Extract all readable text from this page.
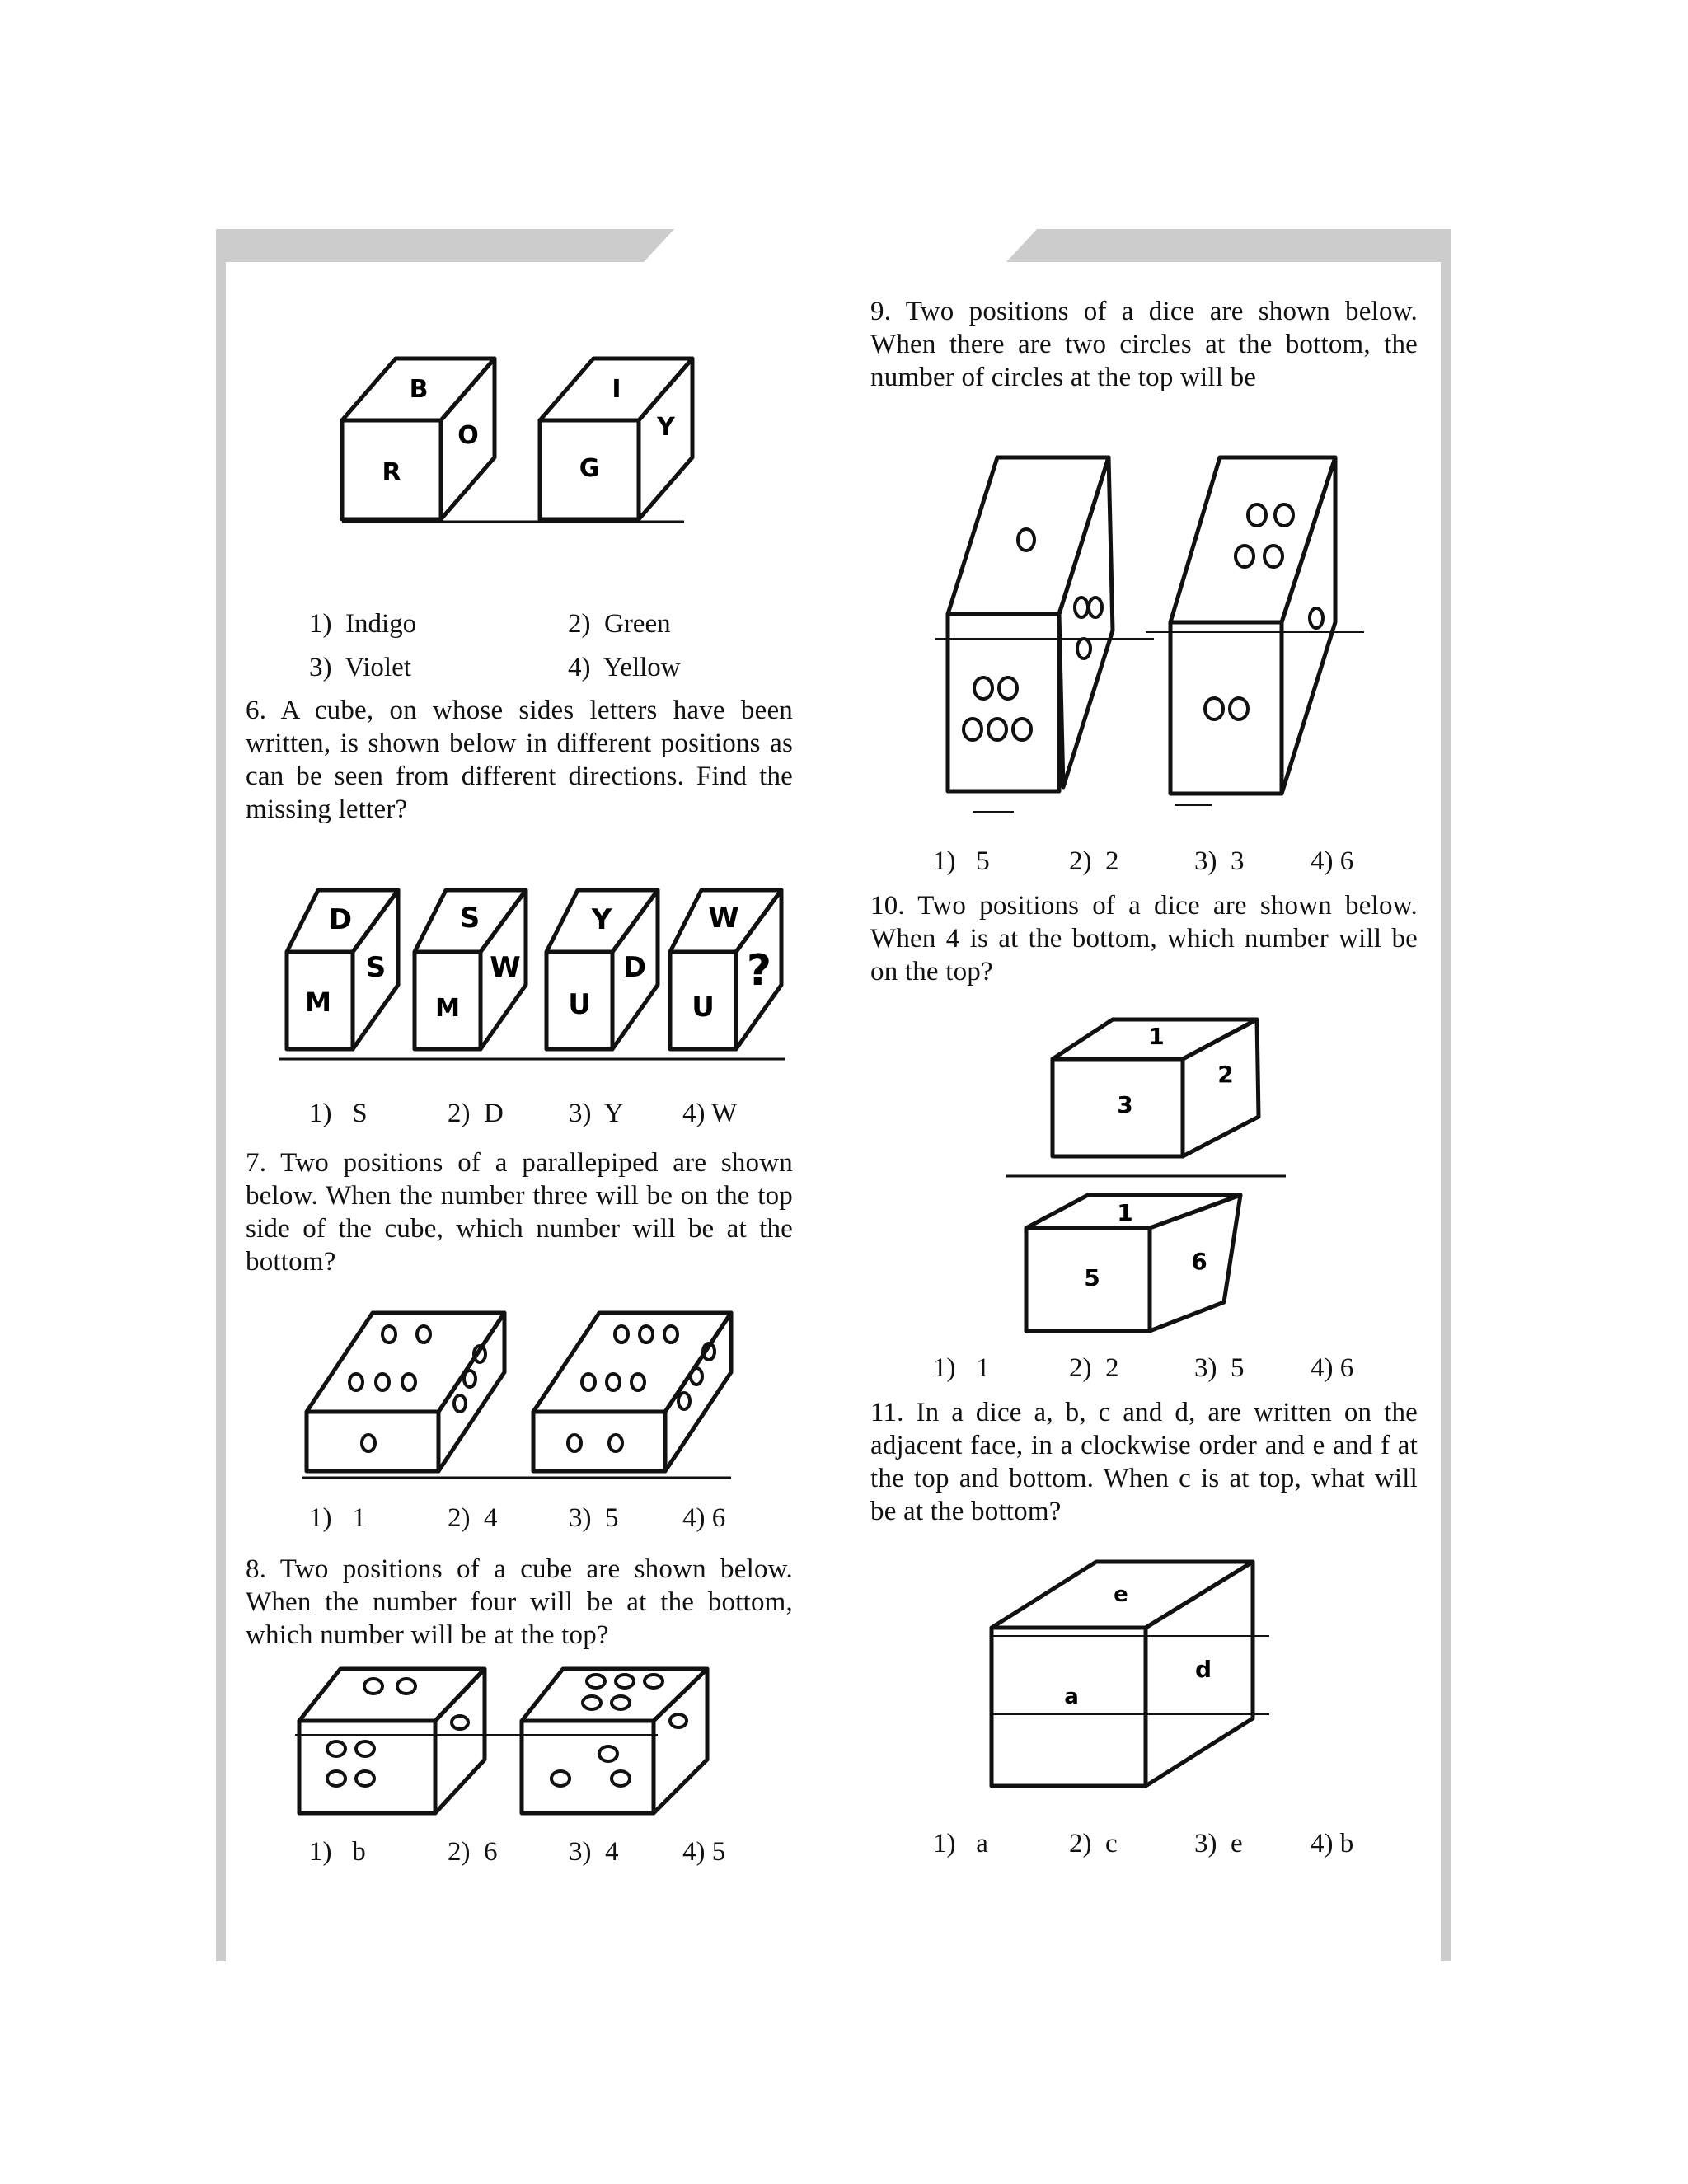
B
O
R
I
Y
G

1)  Indigo

	2)  Green

3)  Violet

	4)  Yellow

6. A cube, on whose sides letters have been written, is shown below in different positions as can be seen from different directions. Find the missing letter?

D
S
M
S
W
M
Y
D
U
W
?
U

1)   S

	2)  D

3)  Y

4) W

7. Two positions of a parallepiped are shown below. When the number three will be on the top side of the cube, which number will be at the bottom?

1)   1

	2)  4

	3)  5

4) 6

8. Two positions of a cube are shown below. When the number four will be at the bottom, which number will be at the top?

1)   b

	2)  6

	3)  4

4) 5

9. Two positions of a dice are shown below. When there are two circles at the bottom, the number of circles at the top will be

1)   5

	2)  2

	3)  3

4) 6

10. Two positions of a dice are shown below. When 4 is at the bottom, which number will be on the top?

1
2
3
1
6
5

1)   1

	2)  2

	3)  5

4) 6

11. In a dice a, b, c and d, are written on the adjacent face, in a clockwise order and e and f at the top and bottom. When c is at top, what will be at the bottom?

e
d
a

1)   a

	2)  c

	3)  e

4) b
